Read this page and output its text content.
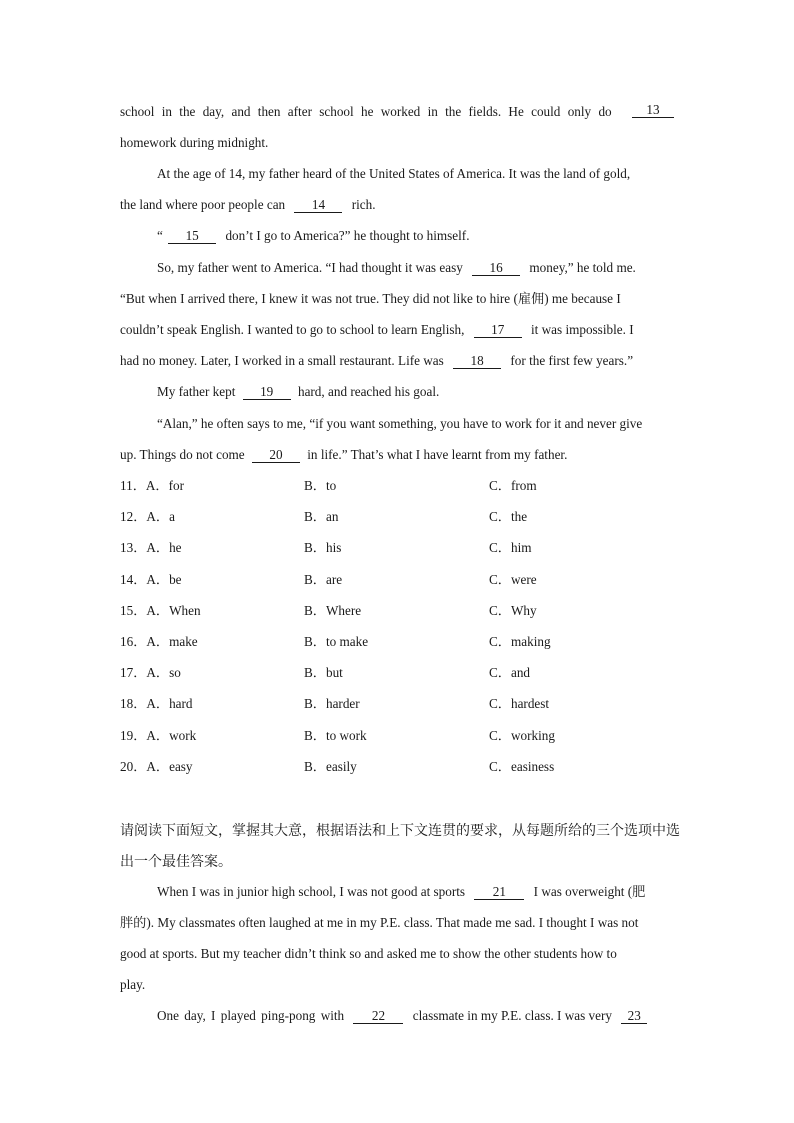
school in the day, and then after school he worked in the fields. He could only do	13
homework during midnight.
At the age of 14, my father heard of the United States of America. It was the land of gold,
the land where poor people can 14 rich.
“ 15 don’t I go to America?” he thought to himself.
So, my father went to America. “I had thought it was easy 16 money,” he told me.
“But when I arrived there, I knew it was not true. They did not like to hire (雇佣) me because I
couldn’t speak English. I wanted to go to school to learn English, 17 it was impossible. I
had no money. Later, I worked in a small restaurant. Life was 18 for the first few years.”
My father kept 19 hard, and reached his goal.
“Alan,” he often says to me, “if you want something, you have to work for it and never give
up. Things do not come 20 in life.” That’s what I have learnt from my father.
11．A．for	B．to	C．from
12．A．a	B．an	C．the
13．A．he	B．his	C．him
14．A．be	B．are	C．were
15．A．When	B．Where	C．Why
16．A．make	B．to make	C．making
17．A．so	B．but	C．and
18．A．hard	B．harder	C．hardest
19．A．work	B．to work	C．working
20．A．easy	B．easily	C．easiness
请阅读下面短文，掌握其大意，根据语法和上下文连贯的要求，从每题所给的三个选项中选
出一个最佳答案。
When I was in junior high school, I was not good at sports 21 I was overweight (肥
胖的). My classmates often laughed at me in my P.E. class. That made me sad. I thought I was not
good at sports. But my teacher didn’t think so and asked me to show the other students how to
play.
One day, I played ping-pong with 22 classmate in my P.E. class. I was very 23
